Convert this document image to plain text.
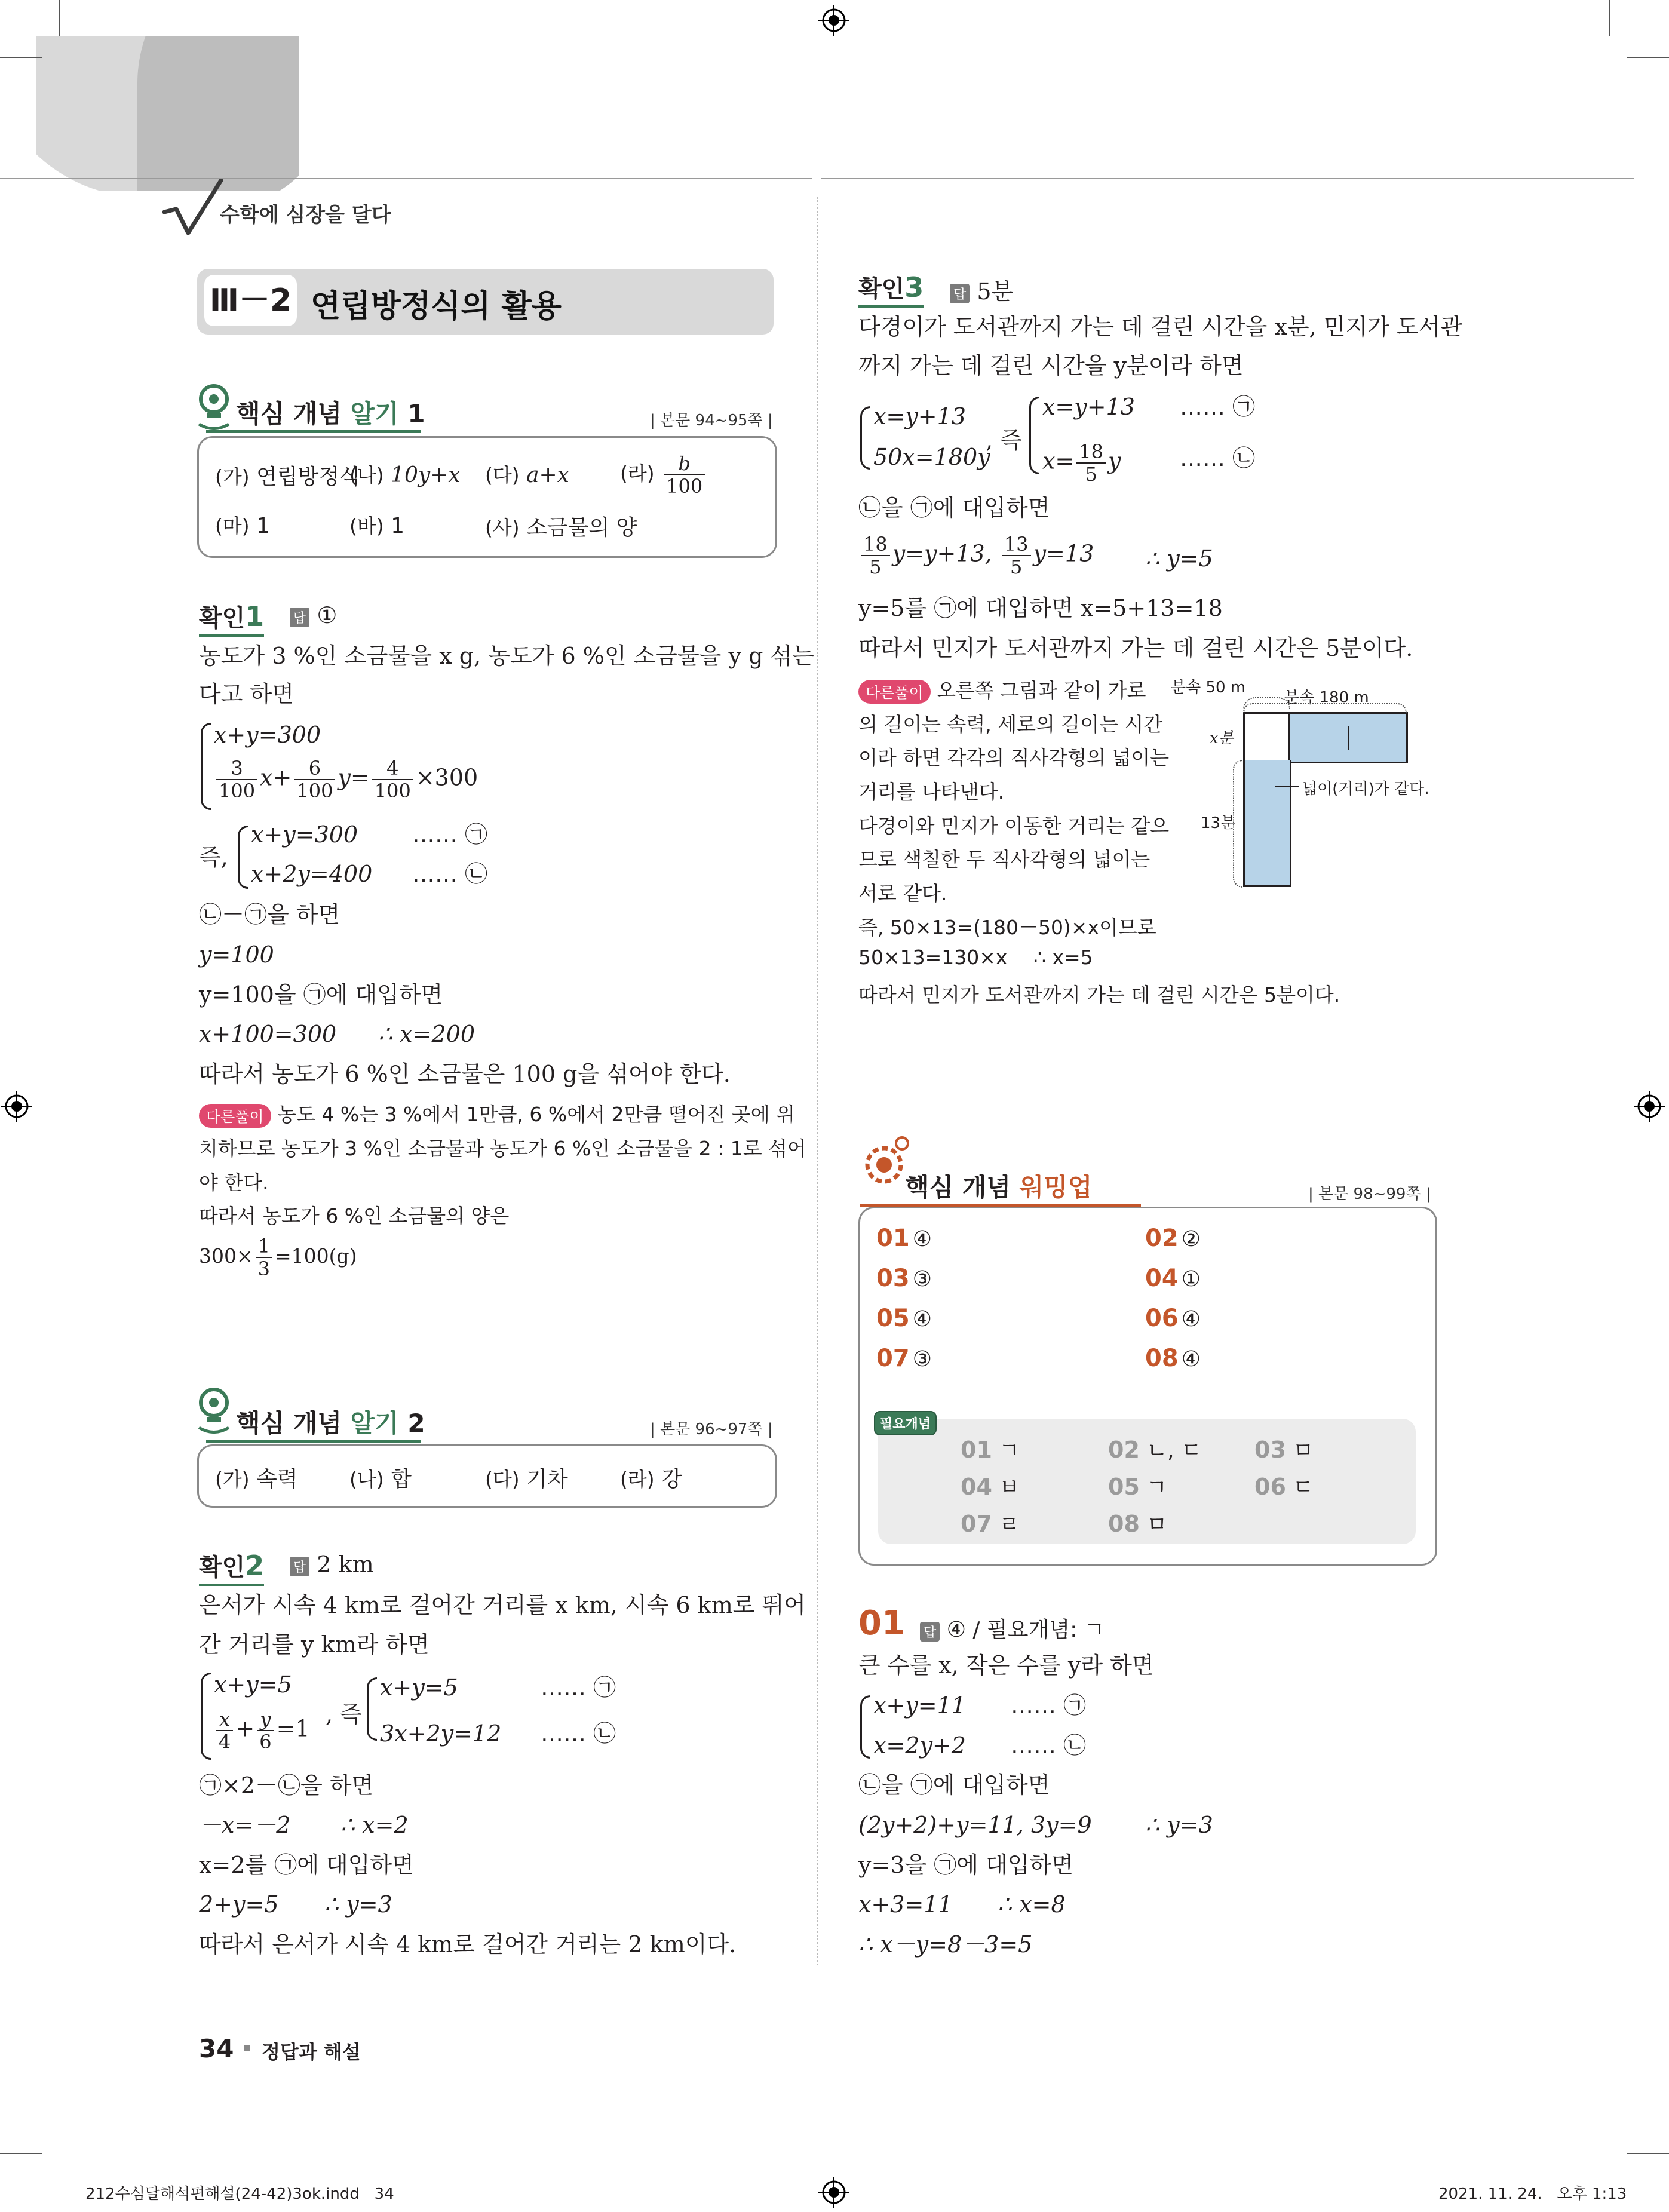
수학에 심장을 달다
Ⅲ－2 연립방정식의 활용
핵심 개념 알기 1	| 본문 94~95쪽 |
(가) 연립방정식
(나) 10y+x (다) a+x	(라) $\frac{b}{100}$
(마) 1	(바) 1	(사) 소금물의 양
확인1 답 ①
농도가 3 %인 소금물을 x g, 농도가 6 %인 소금물을 y g 섞는
다고 하면
x+y=300
$\frac{3}{100} x+ \frac{6}{100} y= \frac{4}{100} \times 300$
즉,
x+y=300 …… ㉠
x+2y=400 …… ㉡
㉡－㉠을 하면
y=100
y=100을 ㉠에 대입하면
x+100=300 ∴ x=200
따라서 농도가 6 %인 소금물은 100 g을 섞어야 한다.
다른풀이 농도 4 %는 3 %에서 1만큼, 6 %에서 2만큼 떨어진 곳에 위
치하므로 농도가 3 %인 소금물과 농도가 6 %인 소금물을 2 : 1로 섞어
야 한다.
따라서 농도가 6 %인 소금물의 양은
$300\times \frac{1}{3} =100(g)$
핵심 개념 알기 2	| 본문 96~97쪽 |
(가) 속력	(나) 합	(다) 기차	(라) 강
확인2 답 2 km
은서가 시속 4 km로 걸어간 거리를 x km, 시속 6 km로 뛰어
간 거리를 y km라 하면
x+y=5
$\frac{x}{4} + \frac{y}{6} =1$
, 즉
x+y=5	…… ㉠
3x+2y=12 …… ㉡
㉠×2－㉡을 하면
－x=－2 ∴ x=2
x=2를 ㉠에 대입하면
2+y=5 ∴ y=3
따라서 은서가 시속 4 km로 걸어간 거리는 2 km이다.
확인3 답 5분
다경이가 도서관까지 가는 데 걸린 시간을 x분, 민지가 도서관
까지 가는 데 걸린 시간을 y분이라 하면
x=y+13
50x=180y
, 즉
x=y+13 …… ㉠
$x= \frac{18}{5}$ y	…… ㉡
㉡을 ㉠에 대입하면
$\frac{18}{5} y=y+13$, $\frac{13}{5} y=13$ ∴ y=5
y=5를 ㉠에 대입하면 x=5+13=18
따라서 민지가 도서관까지 가는 데 걸린 시간은 5분이다.
다른풀이 오른쪽 그림과 같이 가로
의 길이는 속력, 세로의 길이는 시간
이라 하면 각각의 직사각형의 넓이는
거리를 나타낸다.
다경이와 민지가 이동한 거리는 같으
므로 색칠한 두 직사각형의 넓이는
서로 같다.
즉, 50×13=(180－50)×x이므로
50×13=130×x ∴ x=5
따라서 민지가 도서관까지 가는 데 걸린 시간은 5분이다.
분속 50 m
분속 180 m
x분
13분
넓이(거리)가 같다.
핵심 개념 워밍업	| 본문 98~99쪽 |
01 ④	02 ②
03 ③	04 ①
05 ④	06 ④
07 ③	08 ④
필요개념
01 ㄱ	02 ㄴ, ㄷ 03 ㅁ
04 ㅂ	05 ㄱ	06 ㄷ
07 ㄹ	08 ㅁ
01 답 ④ / 필요개념: ㄱ
큰 수를 x, 작은 수를 y라 하면
x+y=11 …… ㉠
x=2y+2 …… ㉡
㉡을 ㉠에 대입하면
(2y+2)+y=11, 3y=9 ∴ y=3
y=3을 ㉠에 대입하면
x+3=11 ∴ x=8
∴ x－y=8－3=5
34 정답과 해설
212수심달해석편해설(24-42)3ok.indd   34	2021. 11. 24.   오후 1:13
